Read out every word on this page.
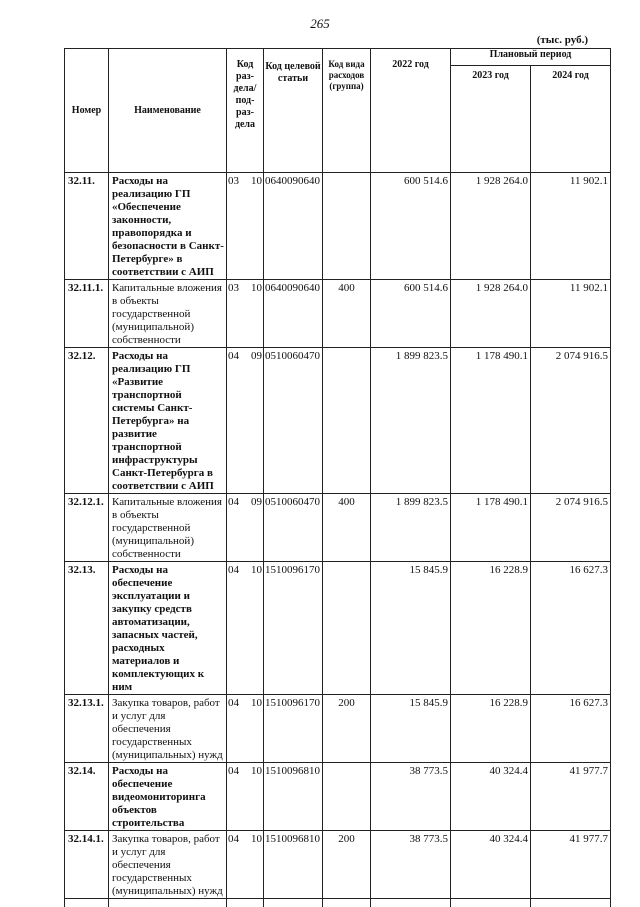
265
(тыс. руб.)
Номер	Наименование	Код раз-дела/ под-раз-дела	Код целевой статьи	Код вида расходов (группа)	2022 год	Плановый период	
						2023 год	2024 год
32.11.	Расходы на реализацию ГП «Обеспечение законности, правопорядка и безопасности в Санкт-Петербурге» в соответствии с АИП	03 10	0640090640		600 514.6	1 928 264.0	11 902.1
32.11.1.	Капитальные вложения в объекты государственной (муниципальной) собственности	03 10	0640090640	400	600 514.6	1 928 264.0	11 902.1
32.12.	Расходы на реализацию ГП «Развитие транспортной системы Санкт-Петербурга» на развитие транспортной инфраструктуры Санкт-Петербурга в соответствии с АИП	04 09	0510060470		1 899 823.5	1 178 490.1	2 074 916.5
32.12.1.	Капитальные вложения в объекты государственной (муниципальной) собственности	04 09	0510060470	400	1 899 823.5	1 178 490.1	2 074 916.5
32.13.	Расходы на обеспечение эксплуатации и закупку средств автоматизации, запасных частей, расходных материалов и комплектующих к ним	04 10	1510096170		15 845.9	16 228.9	16 627.3
32.13.1.	Закупка товаров, работ и услуг для обеспечения государственных (муниципальных) нужд	04 10	1510096170	200	15 845.9	16 228.9	16 627.3
32.14.	Расходы на обеспечение видеомониторинга объектов строительства	04 10	1510096810		38 773.5	40 324.4	41 977.7
32.14.1.	Закупка товаров, работ и услуг для обеспечения государственных (муниципальных) нужд	04 10	1510096810	200	38 773.5	40 324.4	41 977.7
